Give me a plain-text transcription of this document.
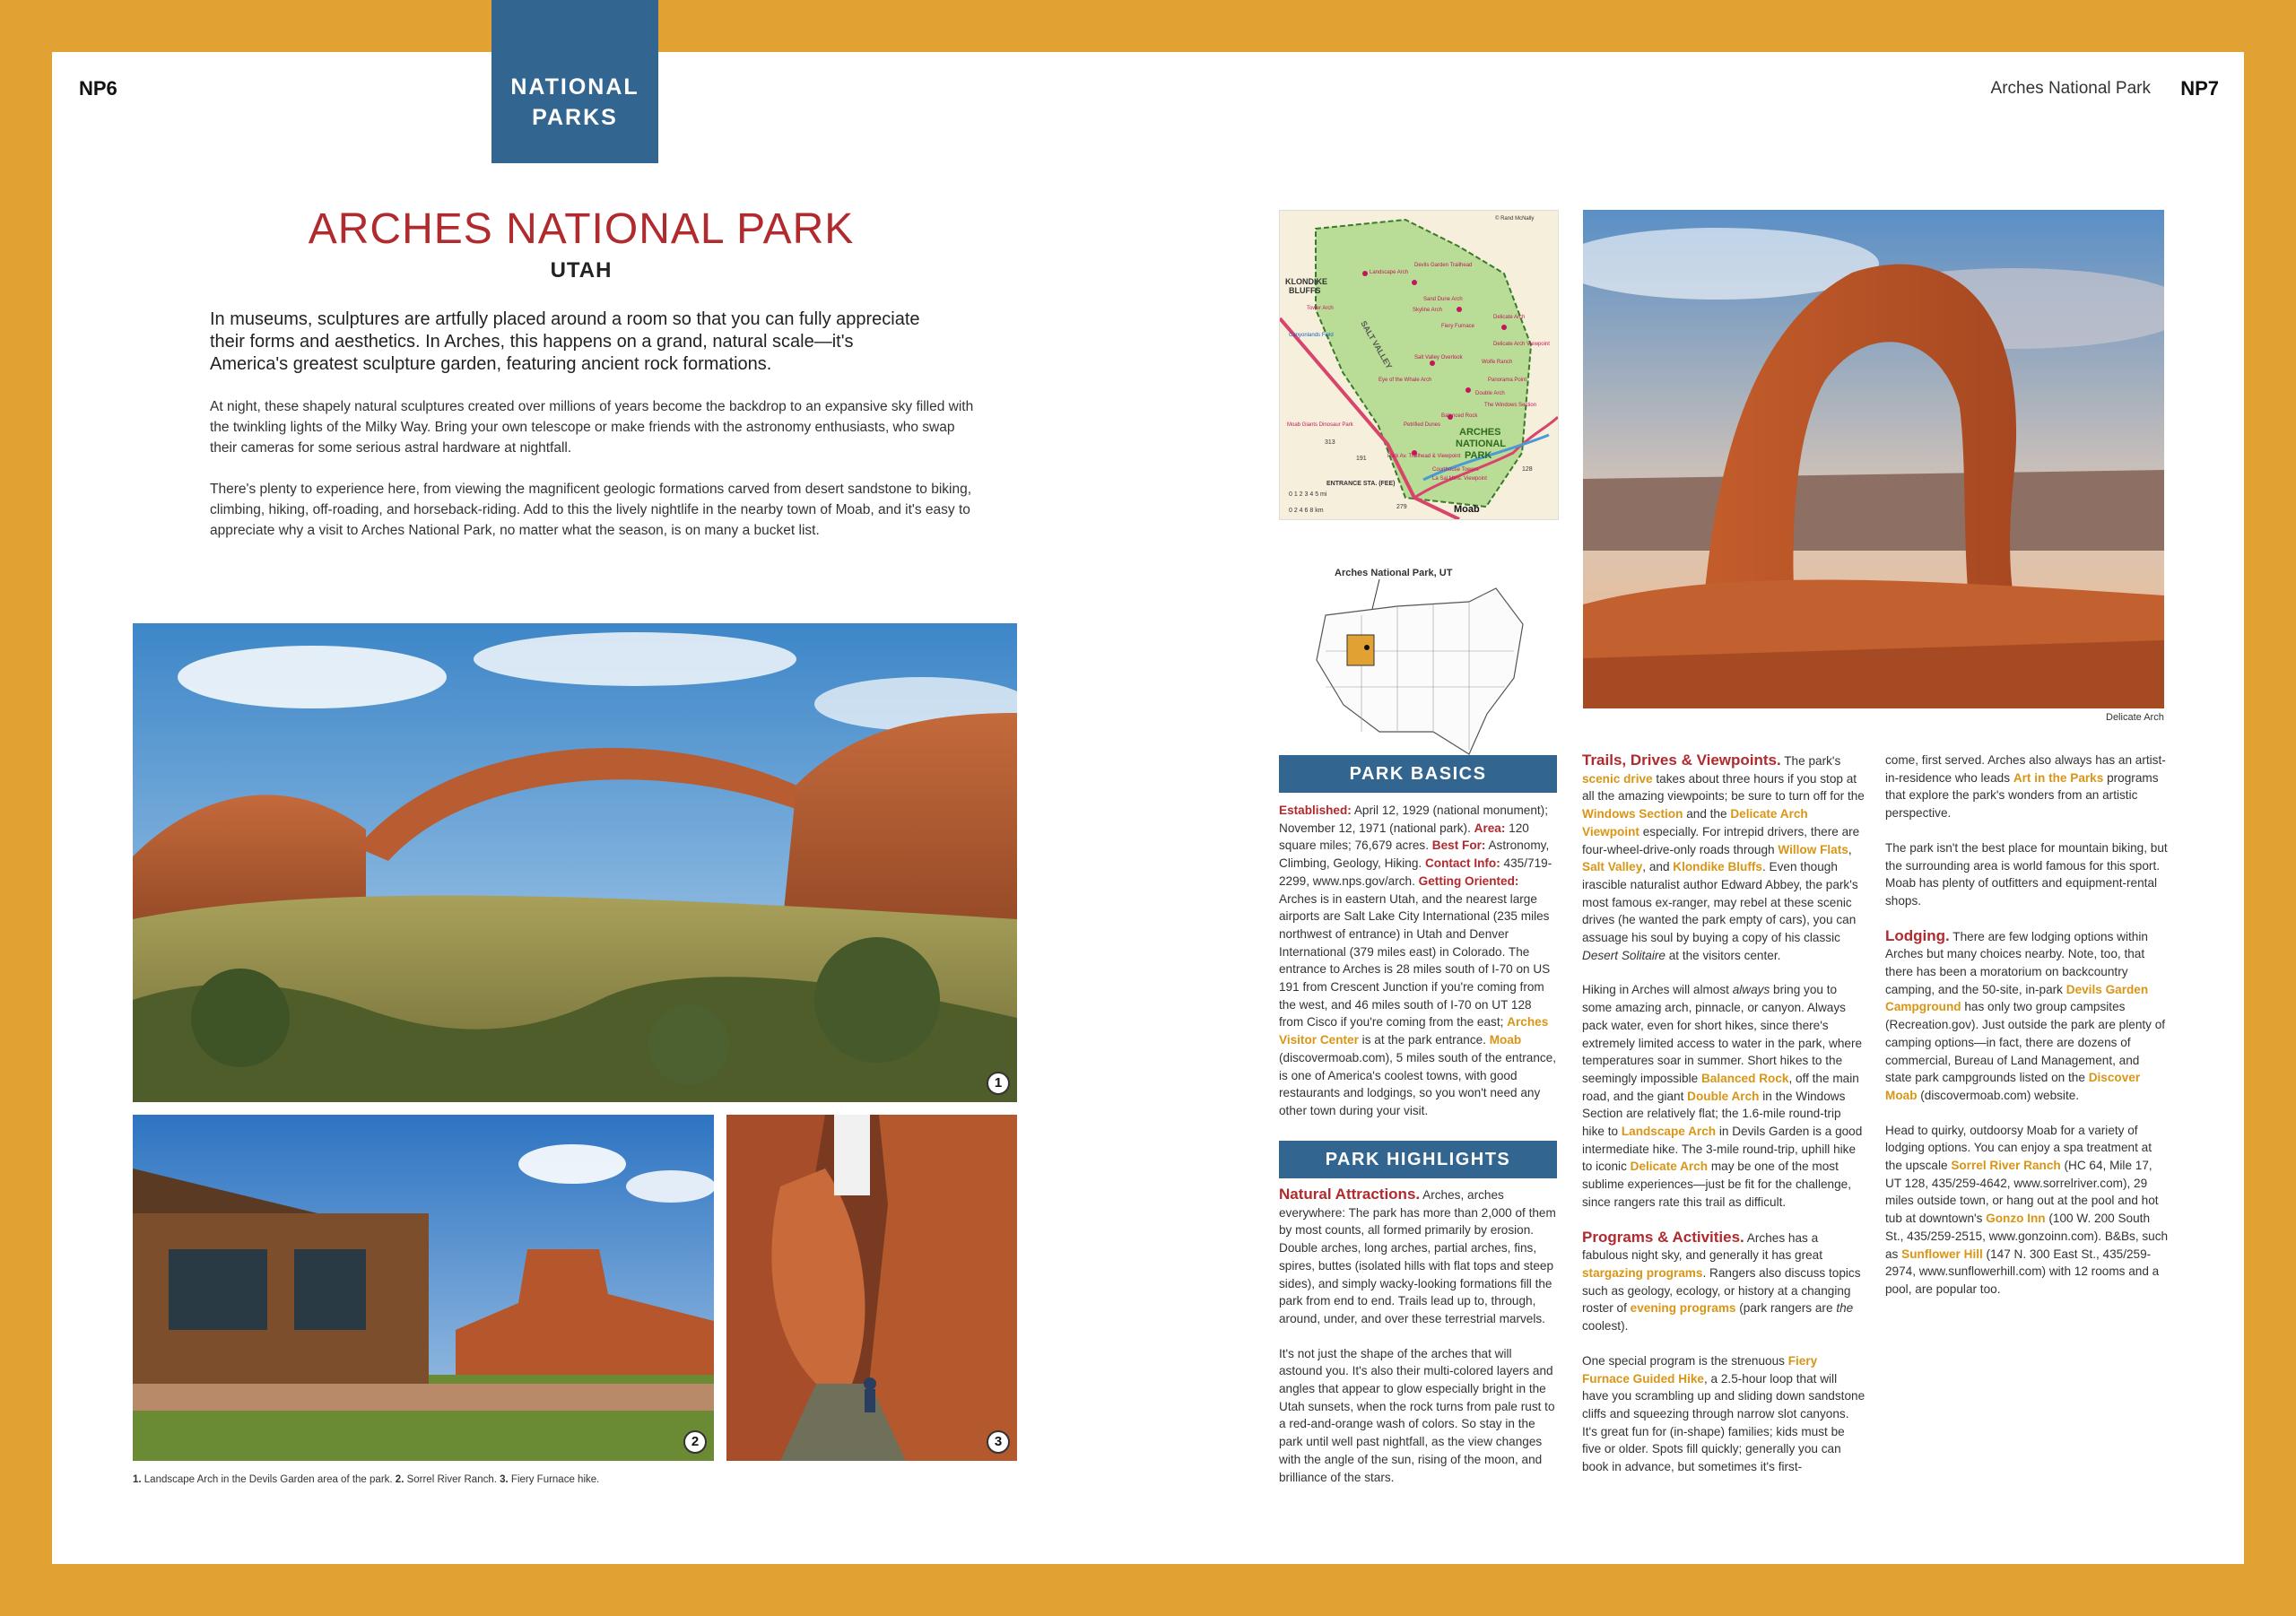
NP6	NATIONAL PARKS
Arches National Park NP7
ARCHES NATIONAL PARK
UTAH

In museums, sculptures are artfully placed around a room so that you can fully appreciate their forms and aesthetics. In Arches, this happens on a grand, natural scale—it's America's greatest sculpture garden, featuring ancient rock formations.

At night, these shapely natural sculptures created over millions of years become the backdrop to an expansive sky filled with the twinkling lights of the Milky Way. Bring your own telescope or make friends with the astronomy enthusiasts, who swap their cameras for some serious astral hardware at nightfall.

There's plenty to experience here, from viewing the magnificent geologic formations carved from desert sandstone to biking, climbing, hiking, off-roading, and horseback-riding. Add to this the lively nightlife in the nearby town of Moab, and it's easy to appreciate why a visit to Arches National Park, no matter what the season, is on many a bucket list.

1
2	3
1. Landscape Arch in the Devils Garden area of the park. 2. Sorrel River Ranch. 3. Fiery Furnace hike.
© Rand McNally
KLONDIKE
BLUFFS
SALT VALLEY
ARCHES
NATIONAL
PARK
ENTRANCE STA. (FEE)
0 1 2 3 4 5 mi
0 2 4 6 8 km	Moab
313
191
279
128
Landscape Arch
Devils Garden Trailhead
Tower Arch
Sand Dune Arch
Skyline Arch
Fiery Furnace
Delicate Arch
Delicate Arch Viewpoint
Salt Valley Overlook
Wolfe Ranch
Eye of the Whale Arch	Panorama Point
Double Arch
The Windows Section
Balanced Rock
Petrified Dunes
Park Av. Trailhead & Viewpoint
Courthouse Towers
La Sal Mtns. Viewpoint
Moab Giants Dinosaur Park
Canyonlands Field
Arches National Park, UT
Delicate Arch
PARK BASICS

Established: April 12, 1929 (national monument); November 12, 1971 (national park). Area: 120 square miles; 76,679 acres. Best For: Astronomy, Climbing, Geology, Hiking. Contact Info: 435/719-2299, www.nps.gov/arch. Getting Oriented: Arches is in eastern Utah, and the nearest large airports are Salt Lake City International (235 miles northwest of entrance) in Utah and Denver International (379 miles east) in Colorado. The entrance to Arches is 28 miles south of I-70 on US 191 from Crescent Junction if you're coming from the west, and 46 miles south of I-70 on UT 128 from Cisco if you're coming from the east; Arches Visitor Center is at the park entrance. Moab (discovermoab.com), 5 miles south of the entrance, is one of America's coolest towns, with good restaurants and lodgings, so you won't need any other town during your visit.

PARK HIGHLIGHTS

Natural Attractions. Arches, arches everywhere: The park has more than 2,000 of them by most counts, all formed primarily by erosion. Double arches, long arches, partial arches, fins, spires, buttes (isolated hills with flat tops and steep sides), and simply wacky-looking formations fill the park from end to end. Trails lead up to, through, around, under, and over these terrestrial marvels.

It's not just the shape of the arches that will astound you. It's also their multi-colored layers and angles that appear to glow especially bright in the Utah sunsets, when the rock turns from pale rust to a red-and-orange wash of colors. So stay in the park until well past nightfall, as the view changes with the angle of the sun, rising of the moon, and brilliance of the stars.

Trails, Drives & Viewpoints. The park's scenic drive takes about three hours if you stop at all the amazing viewpoints; be sure to turn off for the Windows Section and the Delicate Arch Viewpoint especially. For intrepid drivers, there are four-wheel-drive-only roads through Willow Flats, Salt Valley, and Klondike Bluffs. Even though irascible naturalist author Edward Abbey, the park's most famous ex-ranger, may rebel at these scenic drives (he wanted the park empty of cars), you can assuage his soul by buying a copy of his classic Desert Solitaire at the visitors center.

Hiking in Arches will almost always bring you to some amazing arch, pinnacle, or canyon. Always pack water, even for short hikes, since there's extremely limited access to water in the park, where temperatures soar in summer. Short hikes to the seemingly impossible Balanced Rock, off the main road, and the giant Double Arch in the Windows Section are relatively flat; the 1.6-mile round-trip hike to Landscape Arch in Devils Garden is a good intermediate hike. The 3-mile round-trip, uphill hike to iconic Delicate Arch may be one of the most sublime experiences—just be fit for the challenge, since rangers rate this trail as difficult.

Programs & Activities. Arches has a fabulous night sky, and generally it has great stargazing programs. Rangers also discuss topics such as geology, ecology, or history at a changing roster of evening programs (park rangers are the coolest).

One special program is the strenuous Fiery Furnace Guided Hike, a 2.5-hour loop that will have you scrambling up and sliding down sandstone cliffs and squeezing through narrow slot canyons. It's great fun for (in-shape) families; kids must be five or older. Spots fill quickly; generally you can book in advance, but sometimes it's first-

come, first served. Arches also always has an artist-in-residence who leads Art in the Parks programs that explore the park's wonders from an artistic perspective.

The park isn't the best place for mountain biking, but the surrounding area is world famous for this sport. Moab has plenty of outfitters and equipment-rental shops.

Lodging. There are few lodging options within Arches but many choices nearby. Note, too, that there has been a moratorium on backcountry camping, and the 50-site, in-park Devils Garden Campground has only two group campsites (Recreation.gov). Just outside the park are plenty of camping options—in fact, there are dozens of commercial, Bureau of Land Management, and state park campgrounds listed on the Discover Moab (discovermoab.com) website.

Head to quirky, outdoorsy Moab for a variety of lodging options. You can enjoy a spa treatment at the upscale Sorrel River Ranch (HC 64, Mile 17, UT 128, 435/259-4642, www.sorrelriver.com), 29 miles outside town, or hang out at the pool and hot tub at downtown's Gonzo Inn (100 W. 200 South St., 435/259-2515, www.gonzoinn.com). B&Bs, such as Sunflower Hill (147 N. 300 East St., 435/259-2974, www.sunflowerhill.com) with 12 rooms and a pool, are popular too.
